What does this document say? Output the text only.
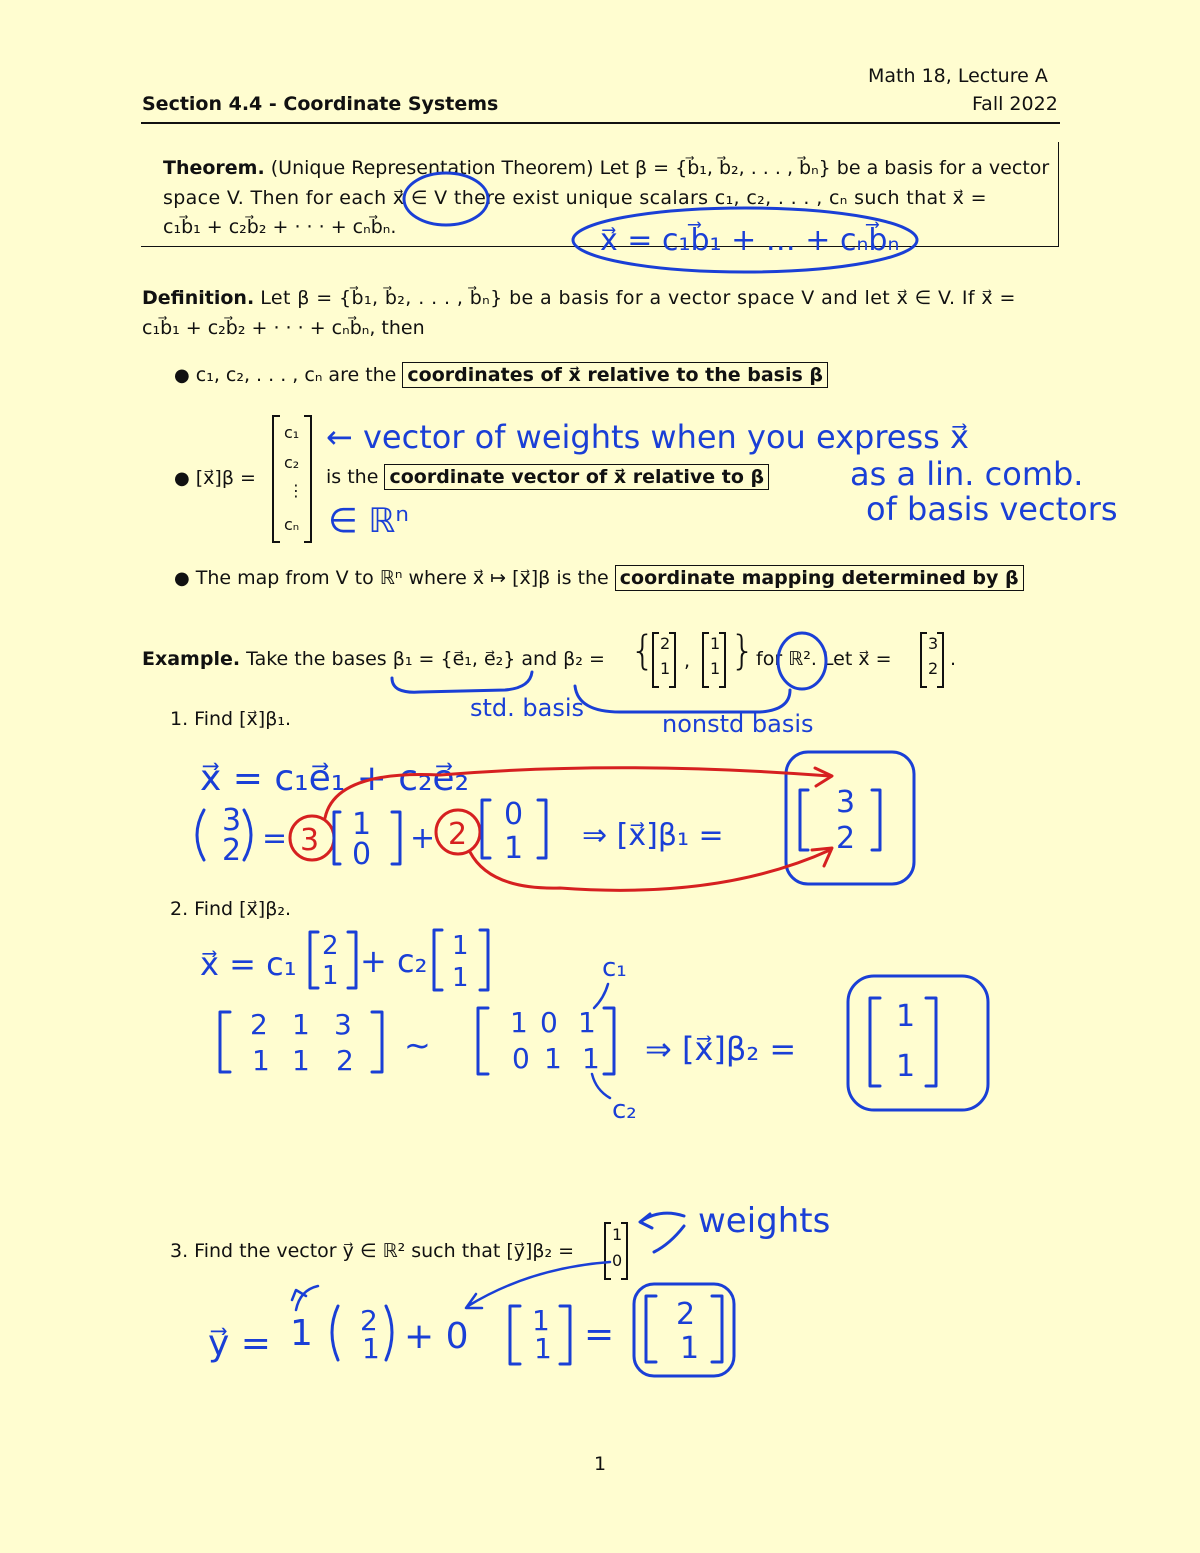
Math 18, Lecture A
Section 4.4 - Coordinate Systems	Fall 2022
Theorem. (Unique Representation Theorem) Let β = {b⃗₁, b⃗₂, . . . , b⃗ₙ} be a basis for a vector
space V. Then for each x⃗ ∈ V there exist unique scalars c₁, c₂, . . . , cₙ such that x⃗ =
c₁b⃗₁ + c₂b⃗₂ + · · · + cₙb⃗ₙ.
Definition. Let β = {b⃗₁, b⃗₂, . . . , b⃗ₙ} be a basis for a vector space V and let x⃗ ∈ V. If x⃗ =
c₁b⃗₁ + c₂b⃗₂ + · · · + cₙb⃗ₙ, then
● c₁, c₂, . . . , cₙ are the coordinates of x⃗ relative to the basis β
● [x⃗]β =
c₁
c₂
⋮
cₙ
is the coordinate vector of x⃗ relative to β
● The map from V to ℝⁿ where x⃗ ↦ [x⃗]β is the coordinate mapping determined by β
Example. Take the bases β₁ = {e⃗₁, e⃗₂} and β₂ = { 2
1 ,
1
1 } for ℝ². Let x⃗ =
3
2 .
1. Find [x⃗]β₁.
2. Find [x⃗]β₂.
3. Find the vector y⃗ ∈ ℝ² such that [y⃗]β₂ =
1
0
1
x⃗ = c₁b⃗₁ + … + cₙb⃗ₙ
← vector of weights when you express x⃗
as a lin. comb.
of basis vectors
∈ ℝⁿ
std. basis
nonstd basis
x⃗ = c₁e⃗₁ + c₂e⃗₂
3
2 = 3 1
0 + 2
0
1 ⇒ [x⃗]β₁ =
3
2
x⃗ = c₁ 2
1 + c₂ 1
1
2 1 3
1 1 2 ~
1 0 1
0 1 1
c₁
c₂
⇒ [x⃗]β₂ =
1
1
weights
y⃗ = 1 2
1 + 0 1
1 = 2
1
